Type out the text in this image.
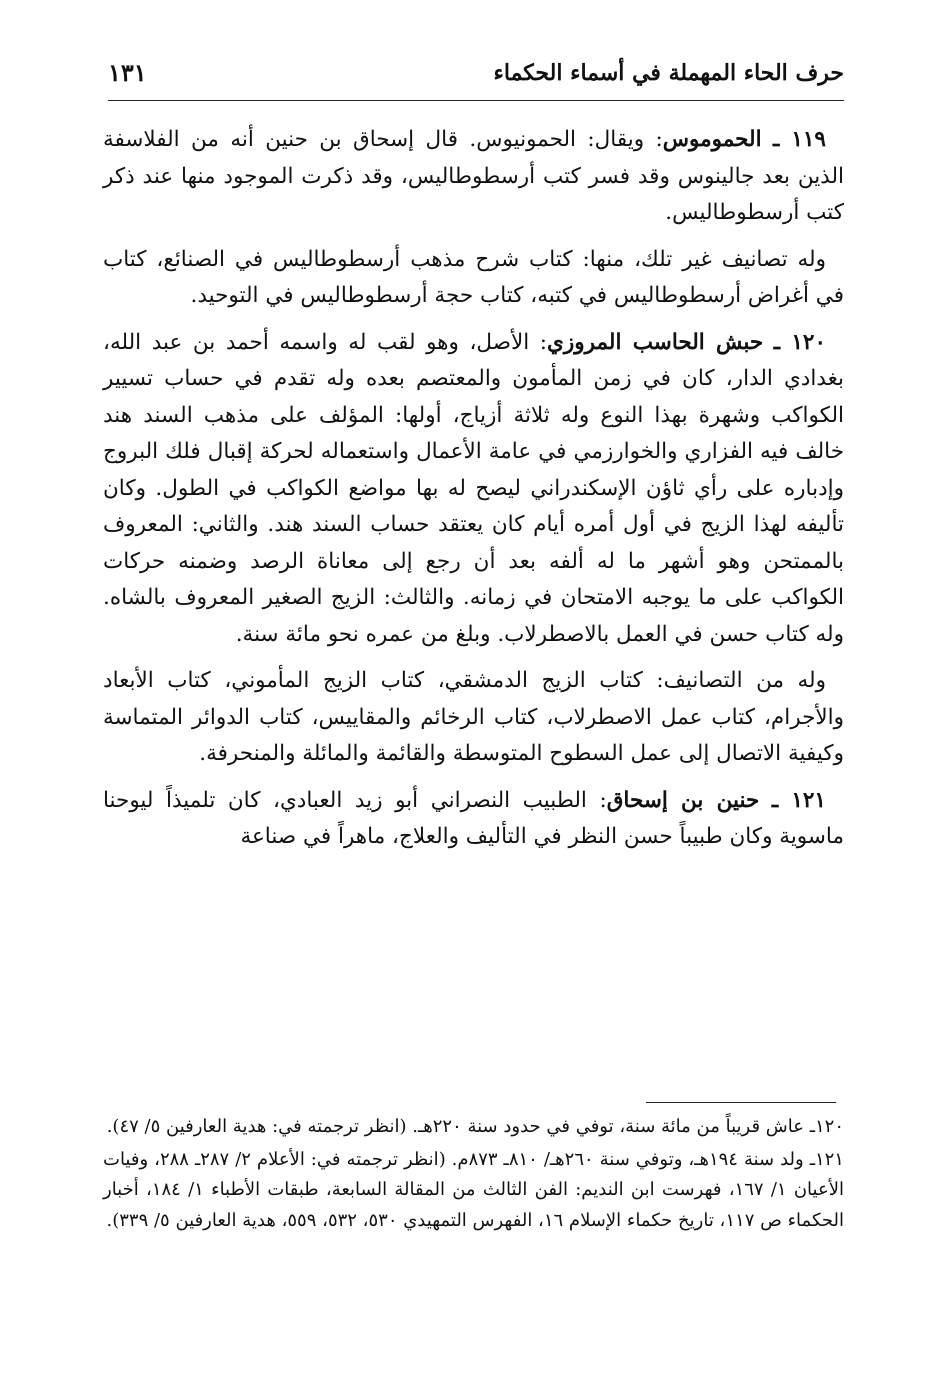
حرف الحاء المهملة في أسماء الحكماء
١٣١

١١٩ ـ الحموموس: ويقال: الحمونيوس. قال إسحاق بن حنين أنه من الفلاسفة الذين بعد جالينوس وقد فسر كتب أرسطوطاليس، وقد ذكرت الموجود منها عند ذكر كتب أرسطوطاليس.

وله تصانيف غير تلك، منها: كتاب شرح مذهب أرسطوطاليس في الصنائع، كتاب في أغراض أرسطوطاليس في كتبه، كتاب حجة أرسطوطاليس في التوحيد.

١٢٠ ـ حبش الحاسب المروزي: الأصل، وهو لقب له واسمه أحمد بن عبد الله، بغدادي الدار، كان في زمن المأمون والمعتصم بعده وله تقدم في حساب تسيير الكواكب وشهرة بهذا النوع وله ثلاثة أزياج، أولها: المؤلف على مذهب السند هند خالف فيه الفزاري والخوارزمي في عامة الأعمال واستعماله لحركة إقبال فلك البروج وإدباره على رأي ثاؤن الإسكندراني ليصح له بها مواضع الكواكب في الطول. وكان تأليفه لهذا الزيج في أول أمره أيام كان يعتقد حساب السند هند. والثاني: المعروف بالممتحن وهو أشهر ما له ألفه بعد أن رجع إلى معاناة الرصد وضمنه حركات الكواكب على ما يوجبه الامتحان في زمانه. والثالث: الزيج الصغير المعروف بالشاه. وله كتاب حسن في العمل بالاصطرلاب. وبلغ من عمره نحو مائة سنة.

وله من التصانيف: كتاب الزيج الدمشقي، كتاب الزيج المأموني، كتاب الأبعاد والأجرام، كتاب عمل الاصطرلاب، كتاب الرخائم والمقاييس، كتاب الدوائر المتماسة وكيفية الاتصال إلى عمل السطوح المتوسطة والقائمة والمائلة والمنحرفة.

١٢١ ـ حنين بن إسحاق: الطبيب النصراني أبو زيد العبادي، كان تلميذاً ليوحنا ماسوية وكان طبيباً حسن النظر في التأليف والعلاج، ماهراً في صناعة

١٢٠ـ عاش قريباً من مائة سنة، توفي في حدود سنة ٢٢٠هـ. (انظر ترجمته في: هدية العارفين ٥/ ٤٧).

١٢١ـ ولد سنة ١٩٤هـ، وتوفي سنة ٢٦٠هـ/ ٨١٠ـ ٨٧٣م. (انظر ترجمته في: الأعلام ٢/ ٢٨٧ـ ٢٨٨، وفيات الأعيان ١/ ١٦٧، فهرست ابن النديم: الفن الثالث من المقالة السابعة، طبقات الأطباء ١/ ١٨٤، أخبار الحكماء ص ١١٧، تاريخ حكماء الإسلام ١٦، الفهرس التمهيدي ٥٣٠، ٥٣٢، ٥٥٩، هدية العارفين ٥/ ٣٣٩).
